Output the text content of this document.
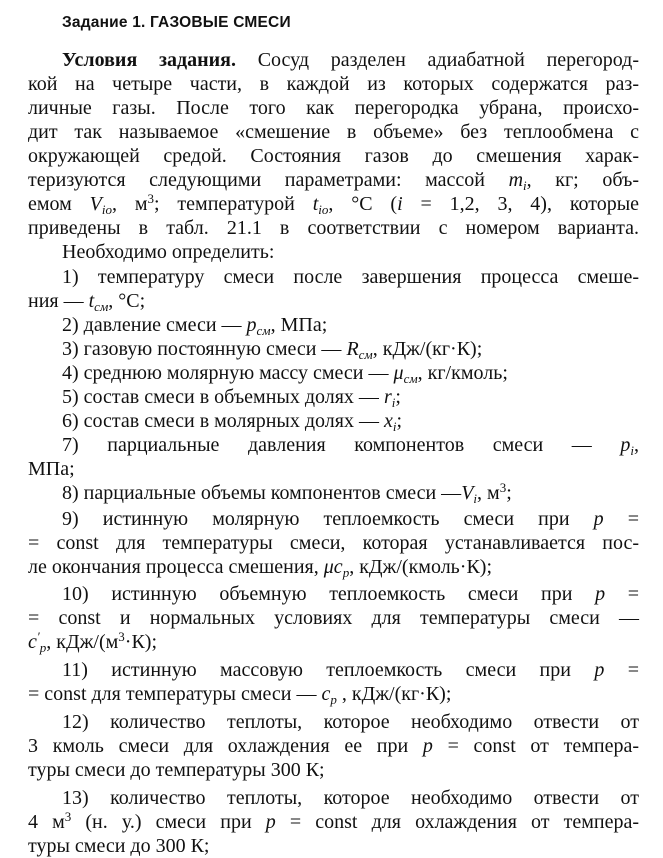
Задание 1. ГАЗОВЫЕ СМЕСИ
Условия задания. Сосуд разделен адиабатной перегород-
кой на четыре части, в каждой из которых содержатся раз-
личные газы. После того как перегородка убрана, происхо-
дит так называемое «смешение в объеме» без теплообмена с
окружающей средой. Состояния газов до смешения харак-
теризуются следующими параметрами: массой $m_i$, кг; объ-
емом $V_{io}$, $м^3$; температурой $t_{io}$, °С (i = 1,2, 3, 4), которые
приведены в табл. 21.1 в соответствии с номером варианта.
Необходимо определить:
1) температуру смеси после завершения процесса смеше-
ния — $t_{см}$, °С;
2) давление смеси — $p_{см}$, МПа;
3) газовую постоянную смеси — $R_{см}$, кДж/(кг·К);
4) среднюю молярную массу смеси — $\mu_{см}$, кг/кмоль;
5) состав смеси в объемных долях — $r_i$;
6) состав смеси в молярных долях — $x_i$;
7) парциальные давления компонентов смеси — $p_i$,
МПа;
8) парциальные объемы компонентов смеси $—V_i$, $м^3$;
9) истинную молярную теплоемкость смеси при p =
= const для температуры смеси, которая устанавливается пос-
ле окончания процесса смешения, $\mu c_p$, кДж/(кмоль·К);
10) истинную объемную теплоемкость смеси при p =
= const и нормальных условиях для температуры смеси —
$c'_p$, кДж/$(м^3\cdot К)$;
11) истинную массовую теплоемкость смеси при p =
= const для температуры смеси — $c_p$ , кДж/(кг·К);
12) количество теплоты, которое необходимо отвести от
3 кмоль смеси для охлаждения ее при p = const от темпера-
туры смеси до температуры 300 К;
13) количество теплоты, которое необходимо отвести от
4 $м^3$ (н. у.) смеси при p = const для охлаждения от темпера-
туры смеси до 300 К;
